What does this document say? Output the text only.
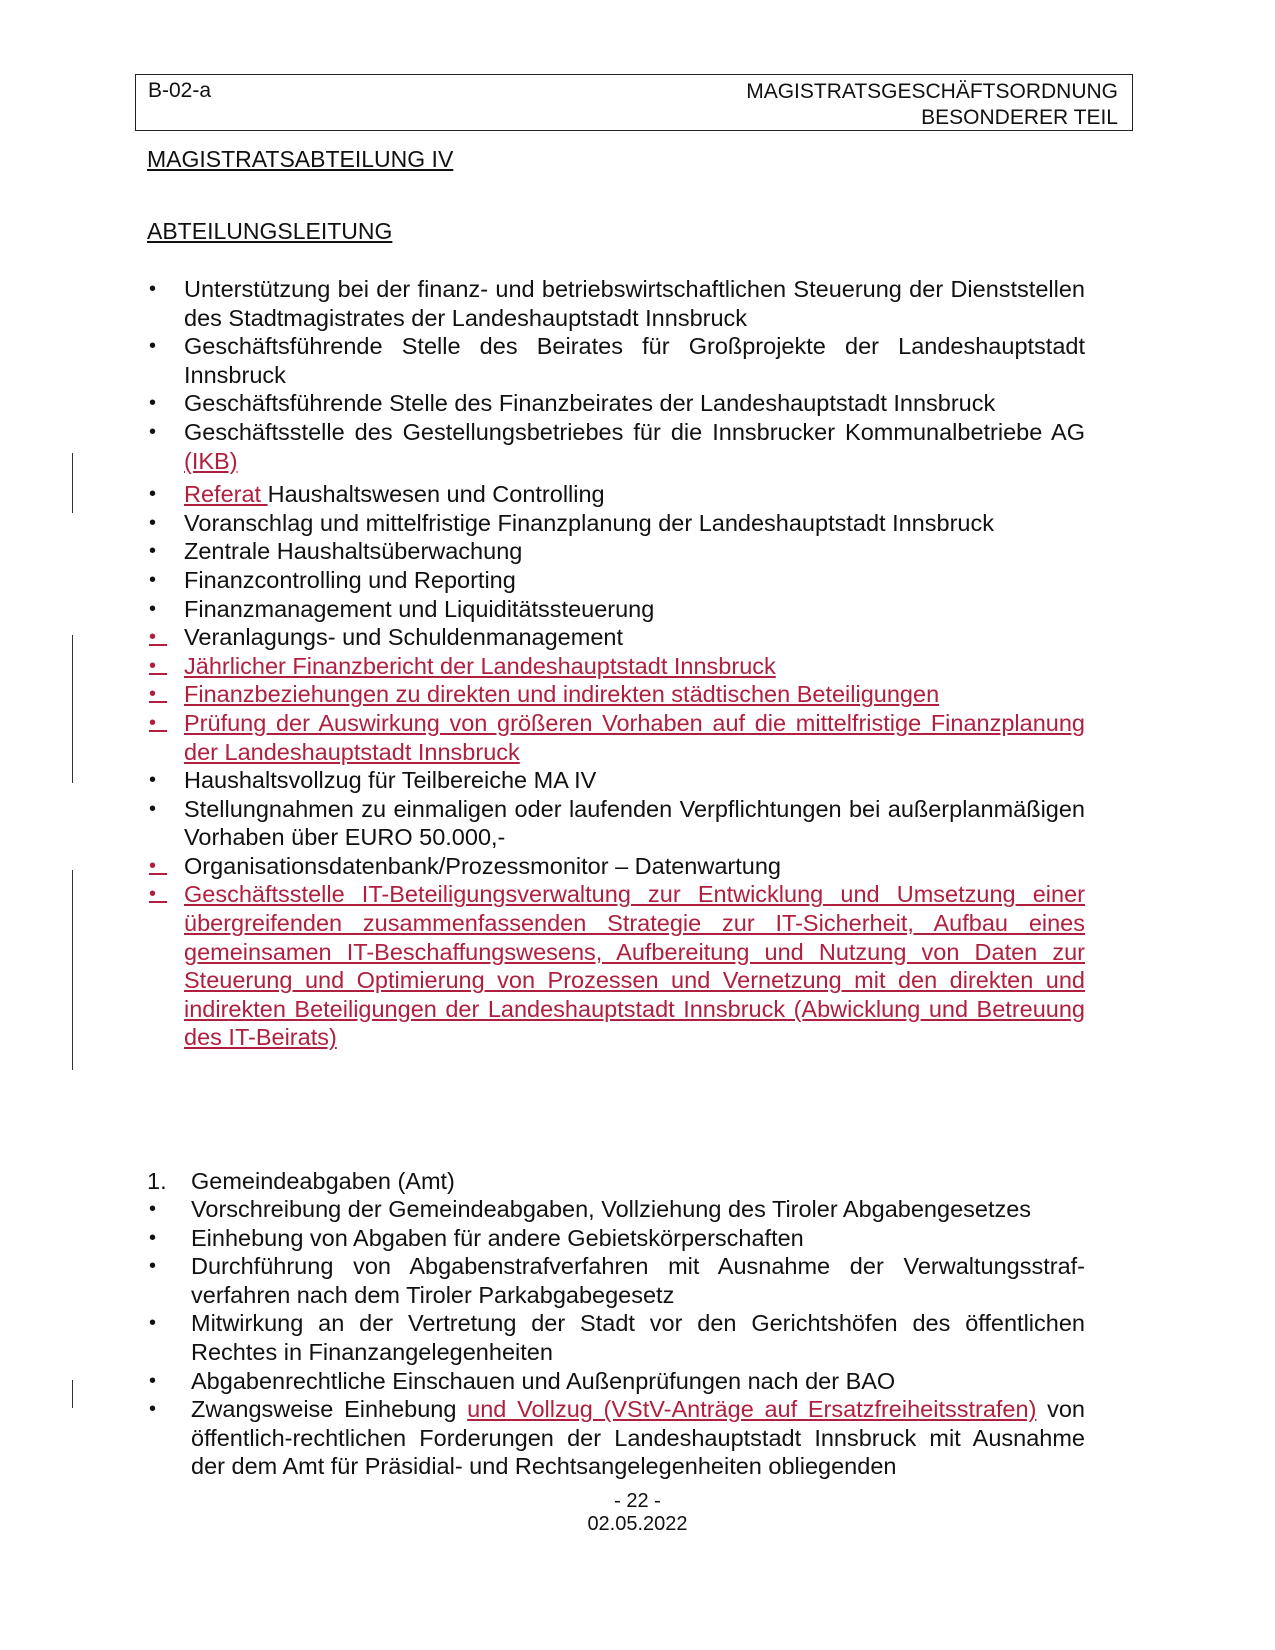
B-02-a	MAGISTRATSGESCHÄFTSORDNUNG
BESONDERER TEIL
MAGISTRATSABTEILUNG IV
ABTEILUNGSLEITUNG
• Unterstützung bei der finanz- und betriebswirtschaftlichen Steuerung der Dienststellen des Stadtmagistrates der Landeshauptstadt Innsbruck
• Geschäftsführende Stelle des Beirates für Großprojekte der Landeshauptstadt Innsbruck
• Geschäftsführende Stelle des Finanzbeirates der Landeshauptstadt Innsbruck
• Geschäftsstelle des Gestellungsbetriebes für die Innsbrucker Kommunalbetriebe AG (IKB)
• Referat Haushaltswesen und Controlling
• Voranschlag und mittelfristige Finanzplanung der Landeshauptstadt Innsbruck
• Zentrale Haushaltsüberwachung
• Finanzcontrolling und Reporting
• Finanzmanagement und Liquiditätssteuerung
• Veranlagungs- und Schuldenmanagement
• Jährlicher Finanzbericht der Landeshauptstadt Innsbruck
• Finanzbeziehungen zu direkten und indirekten städtischen Beteiligungen
• Prüfung der Auswirkung von größeren Vorhaben auf die mittelfristige Finanzplanung der Landeshauptstadt Innsbruck
• Haushaltsvollzug für Teilbereiche MA IV
• Stellungnahmen zu einmaligen oder laufenden Verpflichtungen bei außerplanmäßigen Vorhaben über EURO 50.000,-
• Organisationsdatenbank/Prozessmonitor – Datenwartung
• Geschäftsstelle IT-Beteiligungsverwaltung zur Entwicklung und Umsetzung einer übergreifenden zusammenfassenden Strategie zur IT-Sicherheit, Aufbau eines gemeinsamen IT-Beschaffungswesens, Aufbereitung und Nutzung von Daten zur Steuerung und Optimierung von Prozessen und Vernetzung mit den direkten und indirekten Beteiligungen der Landeshauptstadt Innsbruck (Abwicklung und Betreuung des IT-Beirats)
1. Gemeindeabgaben (Amt)
• Vorschreibung der Gemeindeabgaben, Vollziehung des Tiroler Abgabengesetzes
• Einhebung von Abgaben für andere Gebietskörperschaften
• Durchführung von Abgabenstrafverfahren mit Ausnahme der Verwaltungsstraf-verfahren nach dem Tiroler Parkabgabegesetz
• Mitwirkung an der Vertretung der Stadt vor den Gerichtshöfen des öffentlichen Rechtes in Finanzangelegenheiten
• Abgabenrechtliche Einschauen und Außenprüfungen nach der BAO
• Zwangsweise Einhebung und Vollzug (VStV-Anträge auf Ersatzfreiheitsstrafen) von öffentlich-rechtlichen Forderungen der Landeshauptstadt Innsbruck mit Ausnahme der dem Amt für Präsidial- und Rechtsangelegenheiten obliegenden
- 22 -
02.05.2022
